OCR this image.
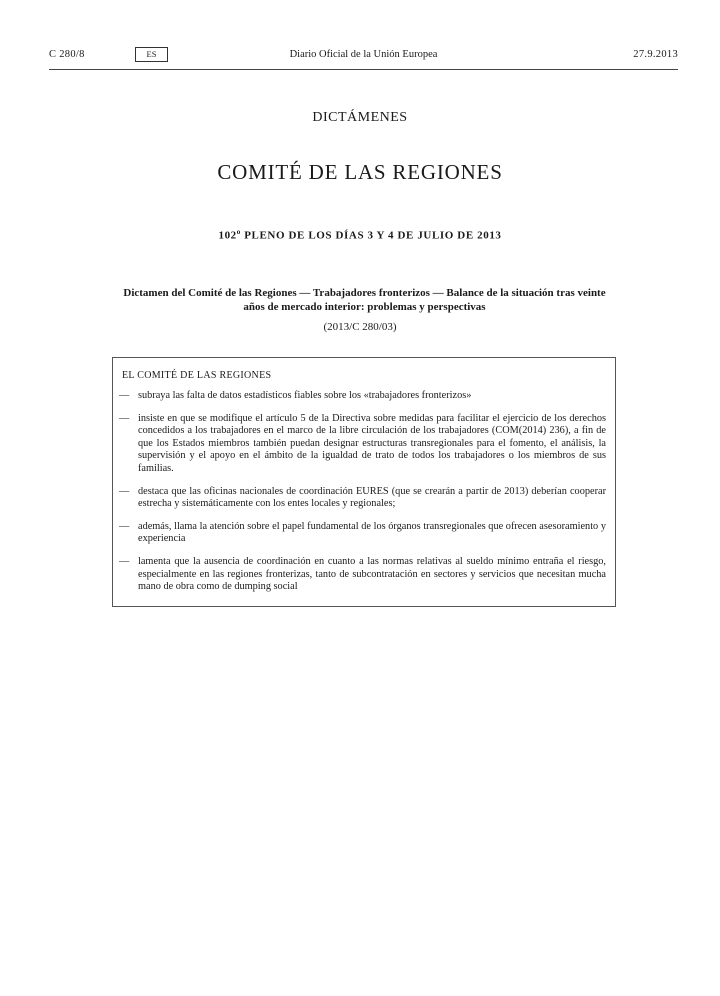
C 280/8	ES	Diario Oficial de la Unión Europea	27.9.2013
DICTÁMENES
COMITÉ DE LAS REGIONES
102$^o$ PLENO DE LOS DÍAS 3 Y 4 DE JULIO DE 2013
Dictamen del Comité de las Regiones — Trabajadores fronterizos — Balance de la situación tras veinte años de mercado interior: problemas y perspectivas
(2013/C 280/03)
EL COMITÉ DE LAS REGIONES
— subraya las falta de datos estadísticos fiables sobre los «trabajadores fronterizos»
— insiste en que se modifique el artículo 5 de la Directiva sobre medidas para facilitar el ejercicio de los derechos concedidos a los trabajadores en el marco de la libre circulación de los trabajadores (COM(2014) 236), a fin de que los Estados miembros también puedan designar estructuras transregionales para el fomento, el análisis, la supervisión y el apoyo en el ámbito de la igualdad de trato de todos los trabajadores o los miembros de sus familias.
— destaca que las oficinas nacionales de coordinación EURES (que se crearán a partir de 2013) deberían cooperar estrecha y sistemáticamente con los entes locales y regionales;
— además, llama la atención sobre el papel fundamental de los órganos transregionales que ofrecen asesoramiento y experiencia
— lamenta que la ausencia de coordinación en cuanto a las normas relativas al sueldo mínimo entraña el riesgo, especialmente en las regiones fronterizas, tanto de subcontratación en sectores y servicios que necesitan mucha mano de obra como de dumping social
